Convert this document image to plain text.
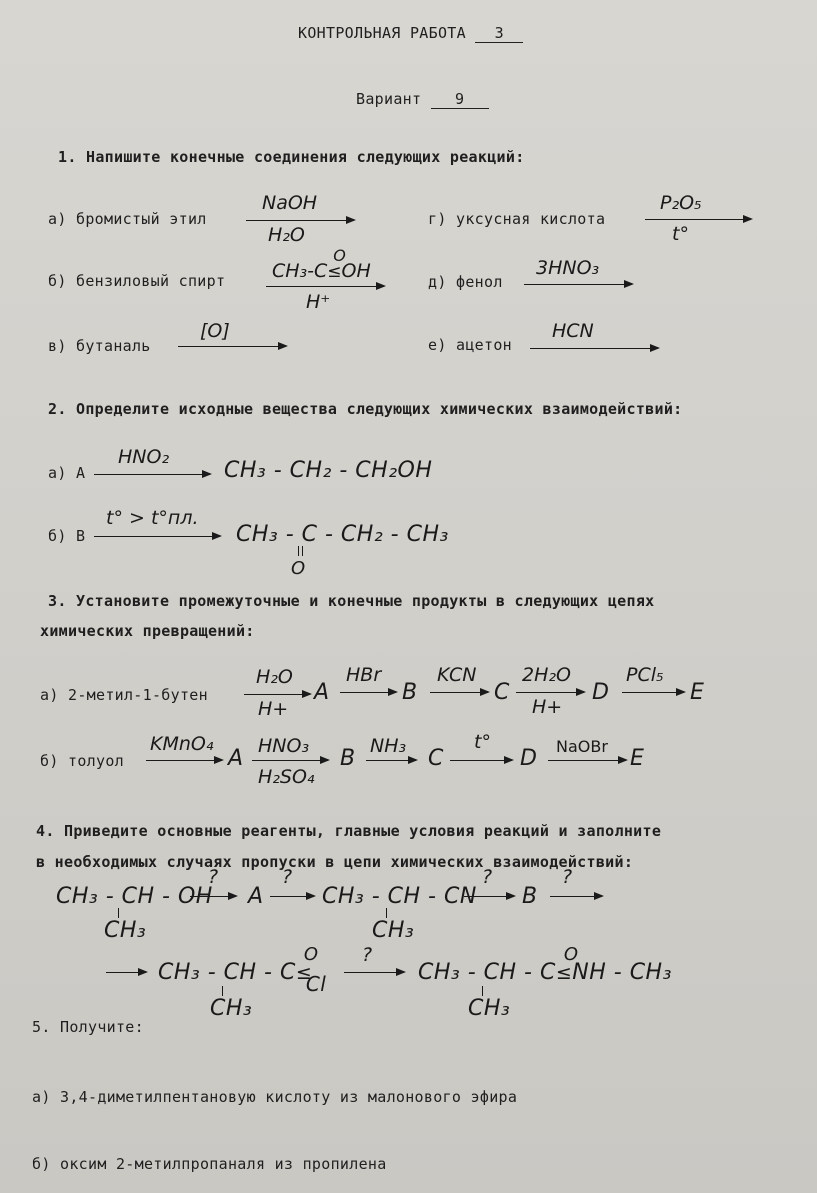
КОНТРОЛЬНАЯ РАБОТА 3
Вариант 9
1. Напишите конечные соединения следующих реакций:
а) бромистый этил
NaOH
H₂O
б) бензиловый спирт CH₃-C≤
O
OH
H⁺
в) бутаналь
[O]
г) уксусная кислота
P₂O₅
t°
д) фенол
3HNO₃
е) ацетон
HCN
2. Определите исходные вещества следующих химических взаимодействий:
а) А
HNO₂
CH₃ - CH₂ - CH₂OH
б) В
t° > t°пл.
CH₃ - C - CH₂ - CH₃
O
3. Установите промежуточные и конечные продукты в следующих цепях
химических превращений:
а) 2-метил-1-бутен
H₂O
H+
A
HBr
B
KCN
C
2H₂O
H+
D
PCl₅
E
б) толуол
KMnO₄
A HNO₃
H₂SO₄
B NH₃ C
t°
D NaOBr E
4. Приведите основные реагенты, главные условия реакций и заполните
в необходимых случаях пропуски в цепи химических взаимодействий:
CH₃ - CH - OH
CH₃
?
A
?
CH₃ - CH - CN
CH₃
?
B
?
CH₃ - CH - C≤
O
Cl
CH₃
?
CH₃ - CH - C≤
O
NH - CH₃
CH₃
5. Получите:
а) 3,4-диметилпентановую кислоту из малонового эфира
б) оксим 2-метилпропаналя из пропилена
